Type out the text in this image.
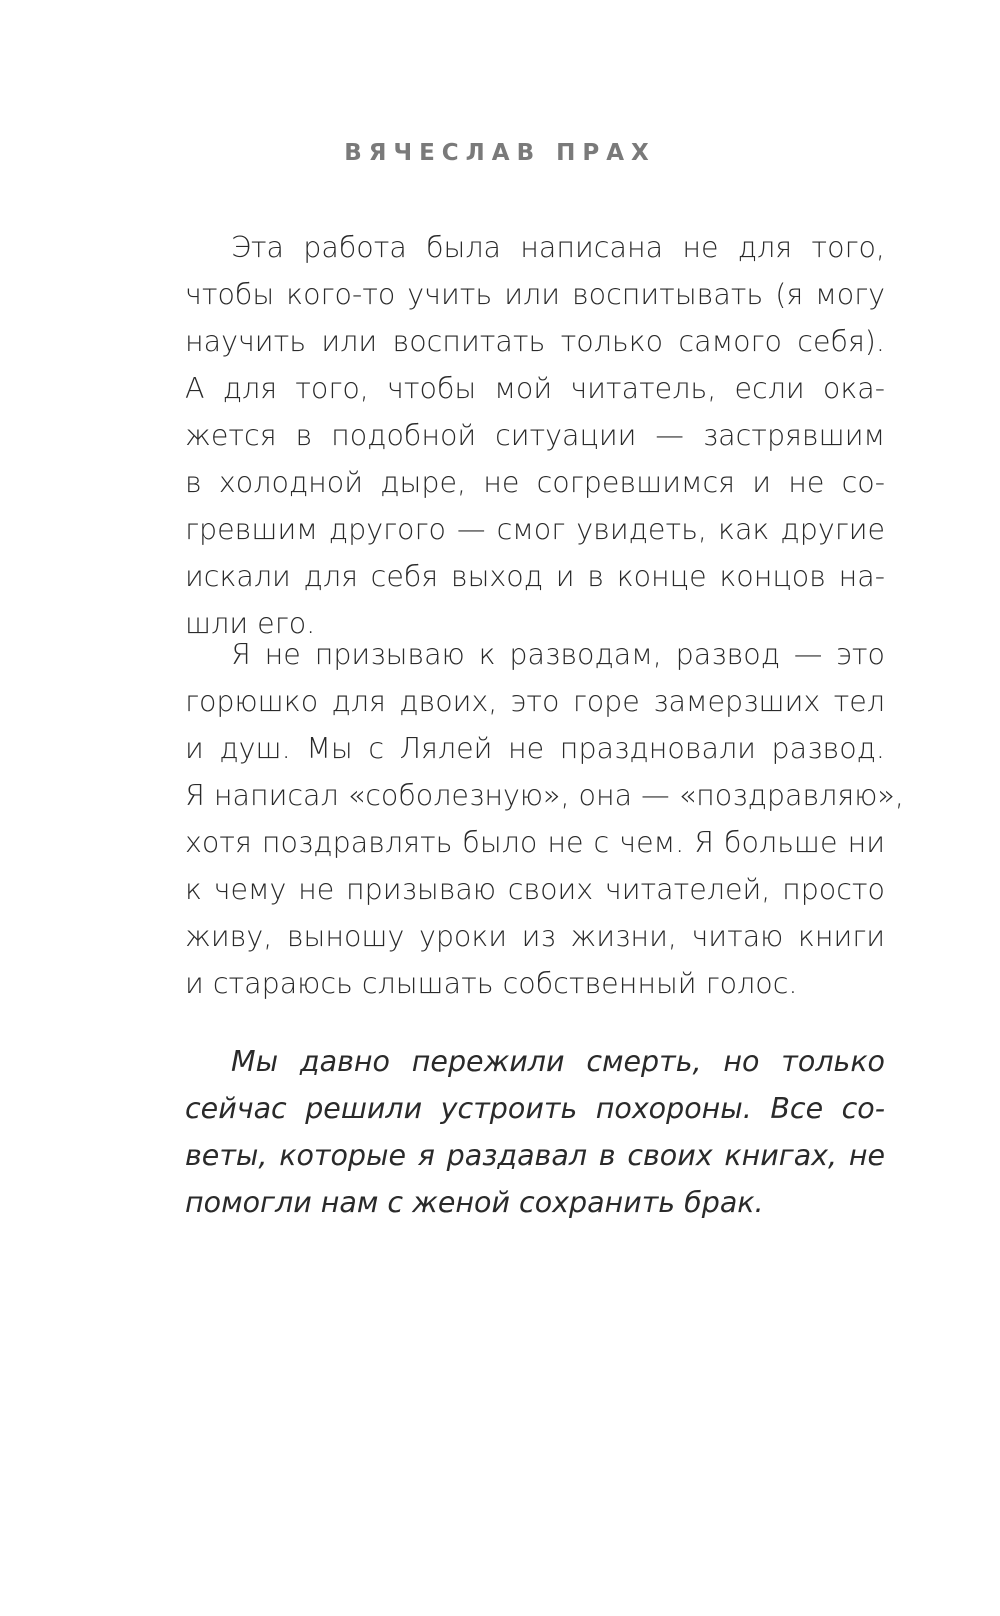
ВЯЧЕСЛАВ ПРАХ

Эта работа была написана не для того,
чтобы кого-то учить или воспитывать (я могу
научить или воспитать только самого себя).
А для того, чтобы мой читатель, если ока-
жется в подобной ситуации — застрявшим
в холодной дыре, не согревшимся и не со-
гревшим другого — смог увидеть, как другие
искали для себя выход и в конце концов на-
шли его.

Я не призываю к разводам, развод — это
горюшко для двоих, это горе замерзших тел
и душ. Мы с Лялей не праздновали развод.
Я написал «соболезную», она — «поздравляю»,
хотя поздравлять было не с чем. Я больше ни
к чему не призываю своих читателей, просто
живу, выношу уроки из жизни, читаю книги
и стараюсь слышать собственный голос.

Мы давно пережили смерть, но только
сейчас решили устроить похороны. Все со-
веты, которые я раздавал в своих книгах, не
помогли нам с женой сохранить брак.
